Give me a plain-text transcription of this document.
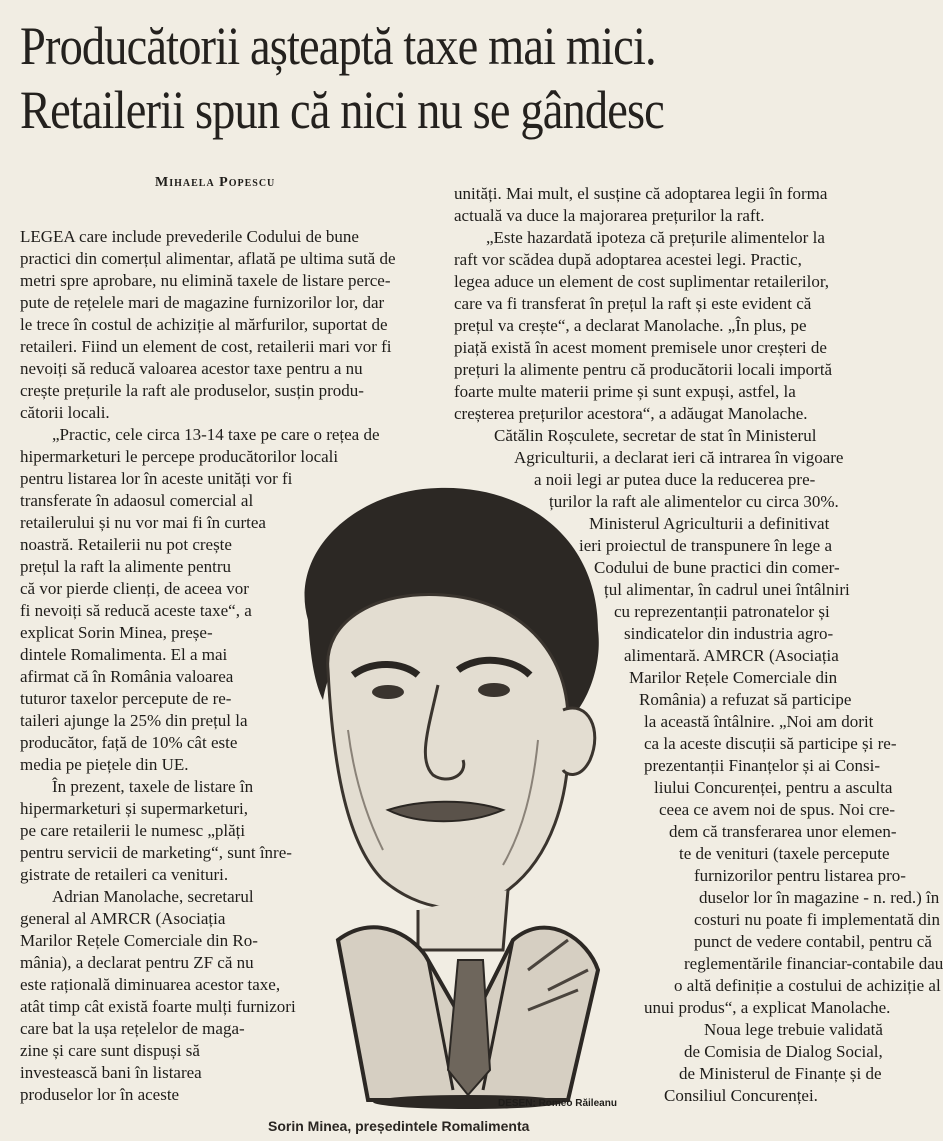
Producătorii așteaptă taxe mai mici.
Retailerii spun că nici nu se gândesc
Mihaela Popescu
LEGEA care include prevederile Codului de bune
practici din comerțul alimentar, aflată pe ultima sută de
metri spre aprobare, nu elimină taxele de listare perce-
pute de rețelele mari de magazine furnizorilor lor, dar
le trece în costul de achiziție al mărfurilor, suportat de
retaileri. Fiind un element de cost, retailerii mari vor fi
nevoiți să reducă valoarea acestor taxe pentru a nu
crește prețurile la raft ale produselor, susțin produ-
cătorii locali.
„Practic, cele circa 13-14 taxe pe care o rețea de
hipermarketuri le percepe producătorilor locali
pentru listarea lor în aceste unități vor fi
transferate în adaosul comercial al
retailerului și nu vor mai fi în curtea
noastră. Retailerii nu pot crește
prețul la raft la alimente pentru
că vor pierde clienți, de aceea vor
fi nevoiți să reducă aceste taxe“, a
explicat Sorin Minea, preșe-
dintele Romalimenta. El a mai
afirmat că în România valoarea
tuturor taxelor percepute de re-
taileri ajunge la 25% din prețul la
producător, față de 10% cât este
media pe piețele din UE.
În prezent, taxele de listare în
hipermarketuri și supermarketuri,
pe care retailerii le numesc „plăți
pentru servicii de marketing“, sunt înre-
gistrate de retaileri ca venituri.
Adrian Manolache, secretarul
general al AMRCR (Asociația
Marilor Rețele Comerciale din Ro-
mânia), a declarat pentru ZF că nu
este rațională diminuarea acestor taxe,
atât timp cât există foarte mulți furnizori
care bat la ușa rețelelor de maga-
zine și care sunt dispuși să
investească bani în listarea
produselor lor în aceste
unități. Mai mult, el susține că adoptarea legii în forma
actuală va duce la majorarea prețurilor la raft.
„Este hazardată ipoteza că prețurile alimentelor la
raft vor scădea după adoptarea acestei legi. Practic,
legea aduce un element de cost suplimentar retailerilor,
care va fi transferat în prețul la raft și este evident că
prețul va crește“, a declarat Manolache. „În plus, pe
piață există în acest moment premisele unor creșteri de
prețuri la alimente pentru că producătorii locali importă
foarte multe materii prime și sunt expuși, astfel, la
creșterea prețurilor acestora“, a adăugat Manolache.
Cătălin Roșculete, secretar de stat în Ministerul
Agriculturii, a declarat ieri că intrarea în vigoare
a noii legi ar putea duce la reducerea pre-
țurilor la raft ale alimentelor cu circa 30%.
Ministerul Agriculturii a definitivat
ieri proiectul de transpunere în lege a
Codului de bune practici din comer-
țul alimentar, în cadrul unei întâlniri
cu reprezentanții patronatelor și
sindicatelor din industria agro-
alimentară. AMRCR (Asociația
Marilor Rețele Comerciale din
România) a refuzat să participe
la această întâlnire. „Noi am dorit
ca la aceste discuții să participe și re-
prezentanții Finanțelor și ai Consi-
liului Concurenței, pentru a asculta
ceea ce avem noi de spus. Noi cre-
dem că transferarea unor elemen-
te de venituri (taxele percepute
furnizorilor pentru listarea pro-
duselor lor în magazine - n. red.) în
costuri nu poate fi implementată din
punct de vedere contabil, pentru că
reglementările financiar-contabile dau
o altă definiție a costului de achiziție al
unui produs“, a explicat Manolache.
Noua lege trebuie validată
de Comisia de Dialog Social,
de Ministerul de Finanțe și de
Consiliul Concurenței.
DESEN: Romeo Răileanu
Sorin Minea, președintele Romalimenta
